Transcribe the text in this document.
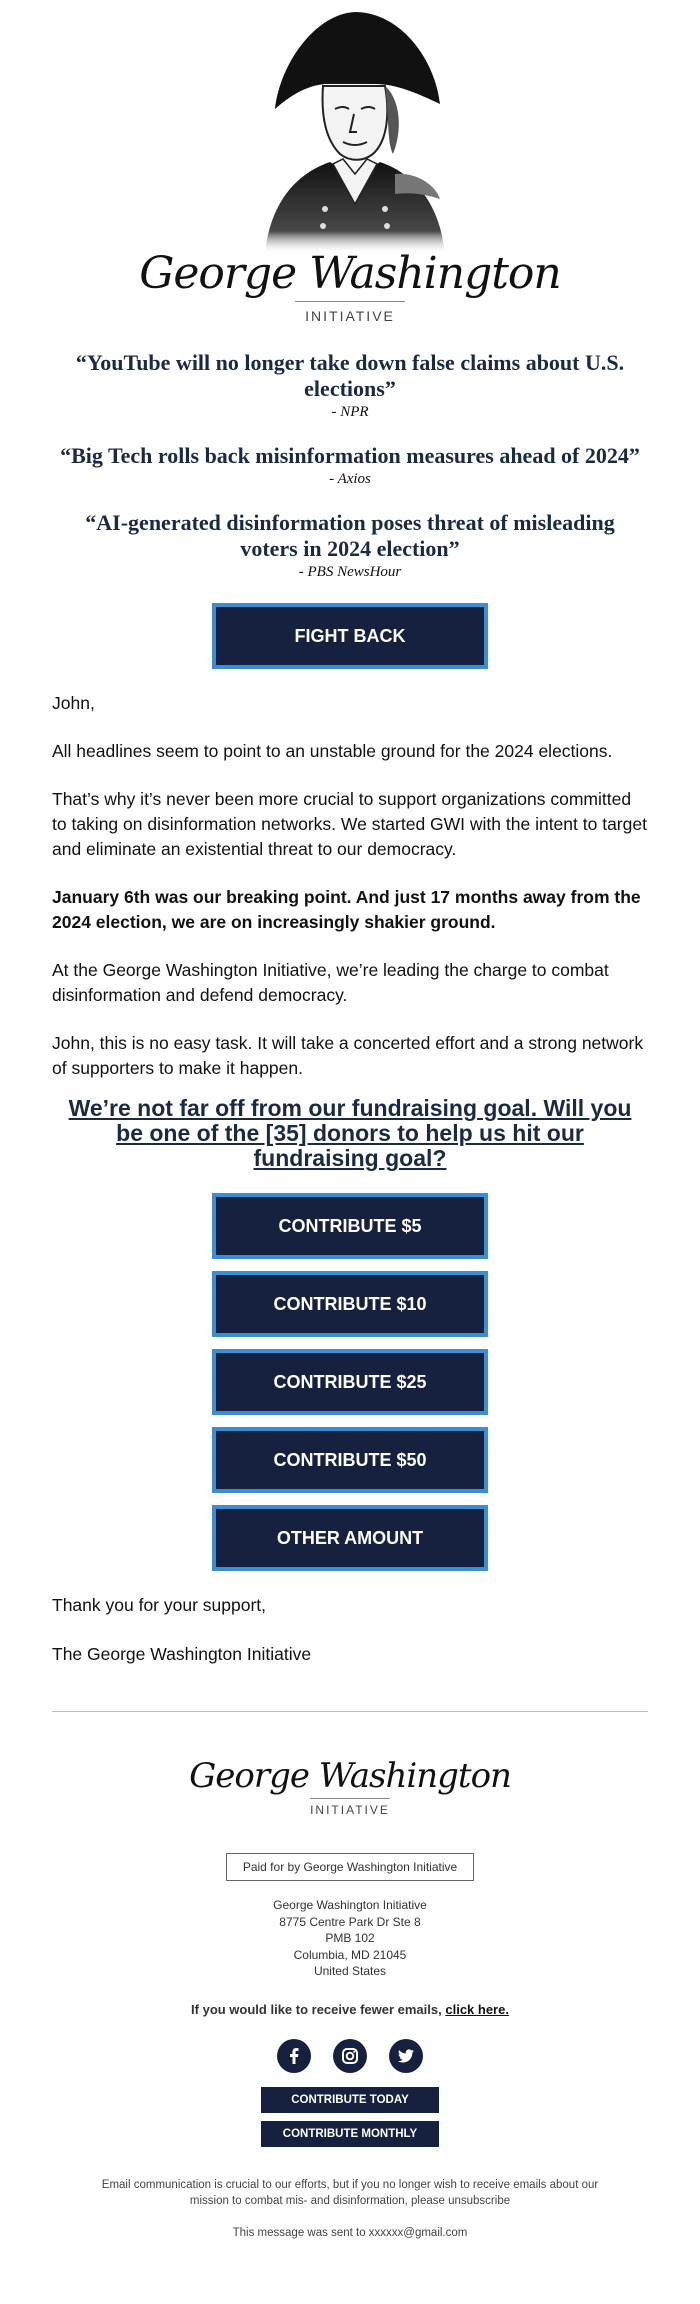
George Washington
INITIATIVE
“YouTube will no longer take down false claims about U.S. elections”
- NPR
“Big Tech rolls back misinformation measures ahead of 2024”
- Axios
“AI-generated disinformation poses threat of misleading voters in 2024 election”
- PBS NewsHour
FIGHT BACK

John,

All headlines seem to point to an unstable ground for the 2024 elections.

That’s why it’s never been more crucial to support organizations committed to taking on disinformation networks. We started GWI with the intent to target and eliminate an existential threat to our democracy.

January 6th was our breaking point. And just 17 months away from the 2024 election, we are on increasingly shakier ground.

At the George Washington Initiative, we’re leading the charge to combat disinformation and defend democracy.

John, this is no easy task. It will take a concerted effort and a strong network of supporters to make it happen.

We’re not far off from our fundraising goal. Will you be one of the [35] donors to help us hit our fundraising goal?
CONTRIBUTE $5
CONTRIBUTE $10
CONTRIBUTE $25
CONTRIBUTE $50
OTHER AMOUNT

Thank you for your support,

The George Washington Initiative

George Washington
INITIATIVE
Paid for by George Washington Initiative
George Washington Initiative
8775 Centre Park Dr Ste 8
PMB 102
Columbia, MD 21045
United States
If you would like to receive fewer emails, click here.
CONTRIBUTE TODAY
CONTRIBUTE MONTHLY
Email communication is crucial to our efforts, but if you no longer wish to receive emails about our mission to combat mis- and disinformation, please unsubscribe
This message was sent to xxxxxx@gmail.com
